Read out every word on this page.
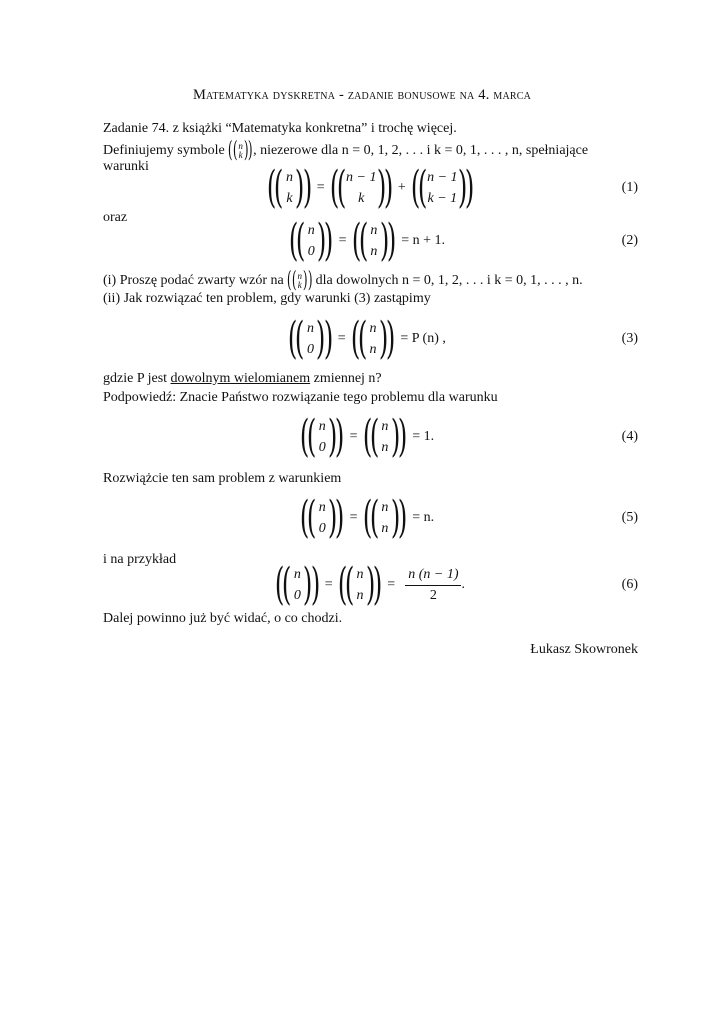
Matematyka dyskretna - zadanie bonusowe na 4. marca
Zadanie 74. z książki “Matematyka konkretna” i trochę więcej.
Definiujemy symbole ( ( n
k ) ) , niezerowe dla n = 0, 1, 2, . . . i k = 0, 1, . . . , n, spełniające
warunki	(
( n
k )
) = (
( n − 1
k )
) + (
( n − 1
k − 1 )
)	(1)
oraz	(
( n
0 )
) = (
( n
n )
) = n + 1.	(2)
(i) Proszę podać zwarty wzór na ( ( n
k ) ) dla dowolnych n = 0, 1, 2, . . . i k = 0, 1, . . . , n.
(ii) Jak rozwiązać ten problem, gdy warunki (3) zastąpimy
(
( n
0 )
) = (
( n
n )
) = P (n) ,	(3)
gdzie P jest dowolnym wielomianem zmiennej n?
Podpowiedź: Znacie Państwo rozwiązanie tego problemu dla warunku
(
( n
0 )
) = (
( n
n )
) = 1.	(4)
Rozwiążcie ten sam problem z warunkiem
(
( n
0 )
) = (
( n
n )
) = n.	(5)
i na przykład	(
( n
0 )
) = (
( n
n )
) = $\frac{n (n - 1)}{2}$ .	(6)
Dalej powinno już być widać, o co chodzi.
Łukasz Skowronek
